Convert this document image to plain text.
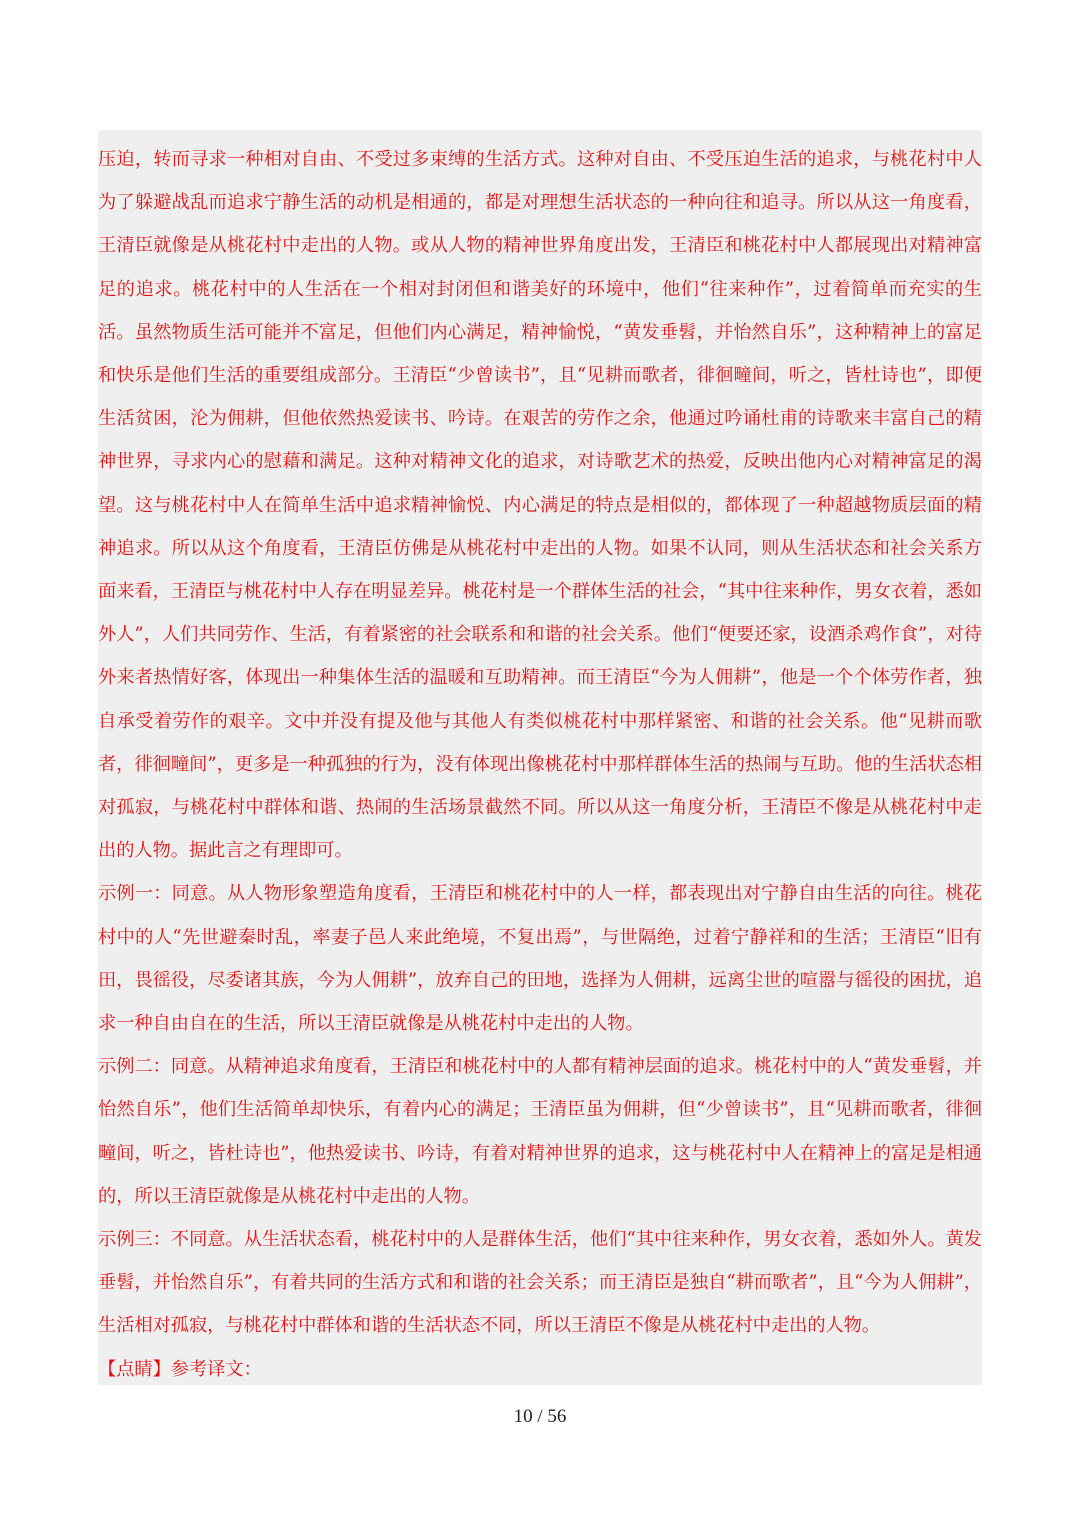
压迫，转而寻求一种相对自由、不受过多束缚的生活方式。这种对自由、不受压迫生活的追求，与桃花村中人为了躲避战乱而追求宁静生活的动机是相通的，都是对理想生活状态的一种向往和追寻。所以从这一角度看，王清臣就像是从桃花村中走出的人物。或从人物的精神世界角度出发，王清臣和桃花村中人都展现出对精神富足的追求。桃花村中的人生活在一个相对封闭但和谐美好的环境中，他们“往来种作”，过着简单而充实的生活。虽然物质生活可能并不富足，但他们内心满足，精神愉悦，“黄发垂髫，并怡然自乐”，这种精神上的富足和快乐是他们生活的重要组成部分。王清臣“少曾读书”，且“见耕而歌者，徘徊疃间，听之，皆杜诗也”，即便生活贫困，沦为佣耕，但他依然热爱读书、吟诗。在艰苦的劳作之余，他通过吟诵杜甫的诗歌来丰富自己的精神世界，寻求内心的慰藉和满足。这种对精神文化的追求，对诗歌艺术的热爱，反映出他内心对精神富足的渴望。这与桃花村中人在简单生活中追求精神愉悦、内心满足的特点是相似的，都体现了一种超越物质层面的精神追求。所以从这个角度看，王清臣仿佛是从桃花村中走出的人物。如果不认同，则从生活状态和社会关系方面来看，王清臣与桃花村中人存在明显差异。桃花村是一个群体生活的社会，“其中往来种作，男女衣着，悉如外人”，人们共同劳作、生活，有着紧密的社会联系和和谐的社会关系。他们“便要还家，设酒杀鸡作食”，对待外来者热情好客，体现出一种集体生活的温暖和互助精神。而王清臣“今为人佣耕”，他是一个个体劳作者，独自承受着劳作的艰辛。文中并没有提及他与其他人有类似桃花村中那样紧密、和谐的社会关系。他“见耕而歌者，徘徊疃间”，更多是一种孤独的行为，没有体现出像桃花村中那样群体生活的热闹与互助。他的生活状态相对孤寂，与桃花村中群体和谐、热闹的生活场景截然不同。所以从这一角度分析，王清臣不像是从桃花村中走出的人物。据此言之有理即可。

示例一：同意。从人物形象塑造角度看，王清臣和桃花村中的人一样，都表现出对宁静自由生活的向往。桃花村中的人“先世避秦时乱，率妻子邑人来此绝境，不复出焉”，与世隔绝，过着宁静祥和的生活；王清臣“旧有田，畏徭役，尽委诸其族，今为人佣耕”，放弃自己的田地，选择为人佣耕，远离尘世的喧嚣与徭役的困扰，追求一种自由自在的生活，所以王清臣就像是从桃花村中走出的人物。

示例二：同意。从精神追求角度看，王清臣和桃花村中的人都有精神层面的追求。桃花村中的人“黄发垂髫，并怡然自乐”，他们生活简单却快乐，有着内心的满足；王清臣虽为佣耕，但“少曾读书”，且“见耕而歌者，徘徊疃间，听之，皆杜诗也”，他热爱读书、吟诗，有着对精神世界的追求，这与桃花村中人在精神上的富足是相通的，所以王清臣就像是从桃花村中走出的人物。

示例三：不同意。从生活状态看，桃花村中的人是群体生活，他们“其中往来种作，男女衣着，悉如外人。黄发垂髫，并怡然自乐”，有着共同的生活方式和和谐的社会关系；而王清臣是独自“耕而歌者”，且“今为人佣耕”，生活相对孤寂，与桃花村中群体和谐的生活状态不同，所以王清臣不像是从桃花村中走出的人物。

【点睛】参考译文：

10 / 56
